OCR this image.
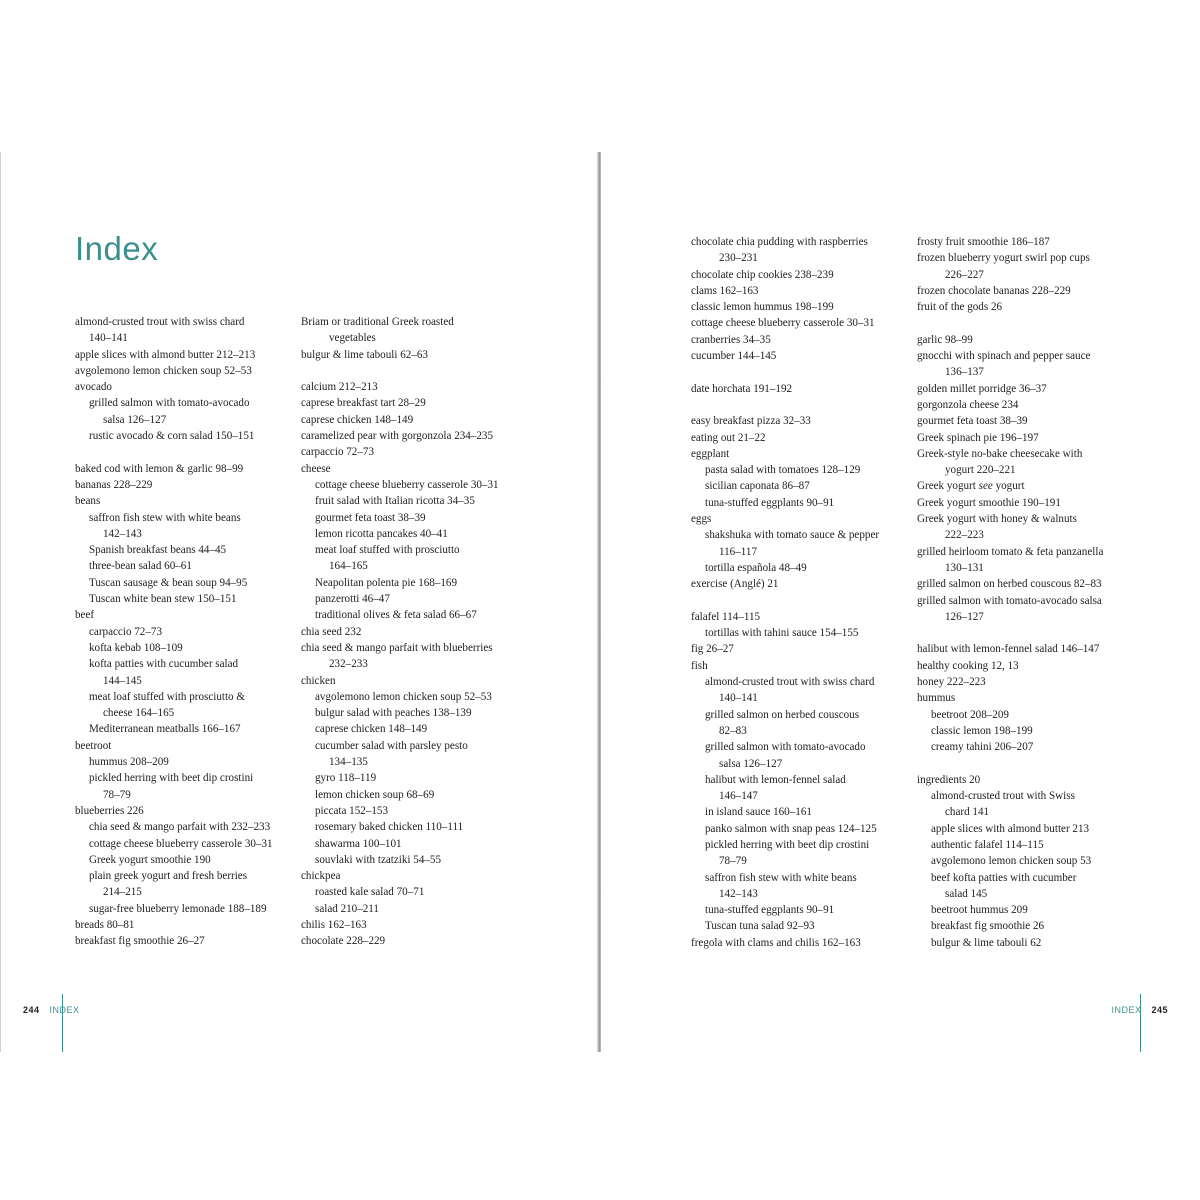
Index
almond-crusted trout with swiss chard
140–141
apple slices with almond butter 212–213
avgolemono lemon chicken soup 52–53
avocado
grilled salmon with tomato-avocado
salsa 126–127
rustic avocado & corn salad 150–151
baked cod with lemon & garlic 98–99
bananas 228–229
beans
saffron fish stew with white beans
142–143
Spanish breakfast beans 44–45
three-bean salad 60–61
Tuscan sausage & bean soup 94–95
Tuscan white bean stew 150–151
beef
carpaccio 72–73
kofta kebab 108–109
kofta patties with cucumber salad
144–145
meat loaf stuffed with prosciutto &
cheese 164–165
Mediterranean meatballs 166–167
beetroot
hummus 208–209
pickled herring with beet dip crostini
78–79
blueberries 226
chia seed & mango parfait with 232–233
cottage cheese blueberry casserole 30–31
Greek yogurt smoothie 190
plain greek yogurt and fresh berries
214–215
sugar-free blueberry lemonade 188–189
breads 80–81
breakfast fig smoothie 26–27
Briam or traditional Greek roasted
vegetables
bulgur & lime tabouli 62–63
calcium 212–213
caprese breakfast tart 28–29
caprese chicken 148–149
caramelized pear with gorgonzola 234–235
carpaccio 72–73
cheese
cottage cheese blueberry casserole 30–31
fruit salad with Italian ricotta 34–35
gourmet feta toast 38–39
lemon ricotta pancakes 40–41
meat loaf stuffed with prosciutto
164–165
Neapolitan polenta pie 168–169
panzerotti 46–47
traditional olives & feta salad 66–67
chia seed 232
chia seed & mango parfait with blueberries
232–233
chicken
avgolemono lemon chicken soup 52–53
bulgur salad with peaches 138–139
caprese chicken 148–149
cucumber salad with parsley pesto
134–135
gyro 118–119
lemon chicken soup 68–69
piccata 152–153
rosemary baked chicken 110–111
shawarma 100–101
souvlaki with tzatziki 54–55
chickpea
roasted kale salad 70–71
salad 210–211
chilis 162–163
chocolate 228–229
244 INDEX
chocolate chia pudding with raspberries
230–231
chocolate chip cookies 238–239
clams 162–163
classic lemon hummus 198–199
cottage cheese blueberry casserole 30–31
cranberries 34–35
cucumber 144–145
date horchata 191–192
easy breakfast pizza 32–33
eating out 21–22
eggplant
pasta salad with tomatoes 128–129
sicilian caponata 86–87
tuna-stuffed eggplants 90–91
eggs
shakshuka with tomato sauce & pepper
116–117
tortilla española 48–49
exercise (Anglé) 21
falafel 114–115
tortillas with tahini sauce 154–155
fig 26–27
fish
almond-crusted trout with swiss chard
140–141
grilled salmon on herbed couscous
82–83
grilled salmon with tomato-avocado
salsa 126–127
halibut with lemon-fennel salad
146–147
in island sauce 160–161
panko salmon with snap peas 124–125
pickled herring with beet dip crostini
78–79
saffron fish stew with white beans
142–143
tuna-stuffed eggplants 90–91
Tuscan tuna salad 92–93
fregola with clams and chilis 162–163
frosty fruit smoothie 186–187
frozen blueberry yogurt swirl pop cups
226–227
frozen chocolate bananas 228–229
fruit of the gods 26
garlic 98–99
gnocchi with spinach and pepper sauce
136–137
golden millet porridge 36–37
gorgonzola cheese 234
gourmet feta toast 38–39
Greek spinach pie 196–197
Greek-style no-bake cheesecake with
yogurt 220–221
Greek yogurt see yogurt
Greek yogurt smoothie 190–191
Greek yogurt with honey & walnuts
222–223
grilled heirloom tomato & feta panzanella
130–131
grilled salmon on herbed couscous 82–83
grilled salmon with tomato-avocado salsa
126–127
halibut with lemon-fennel salad 146–147
healthy cooking 12, 13
honey 222–223
hummus
beetroot 208–209
classic lemon 198–199
creamy tahini 206–207
ingredients 20
almond-crusted trout with Swiss
chard 141
apple slices with almond butter 213
authentic falafel 114–115
avgolemono lemon chicken soup 53
beef kofta patties with cucumber
salad 145
beetroot hummus 209
breakfast fig smoothie 26
bulgur & lime tabouli 62
INDEX 245
